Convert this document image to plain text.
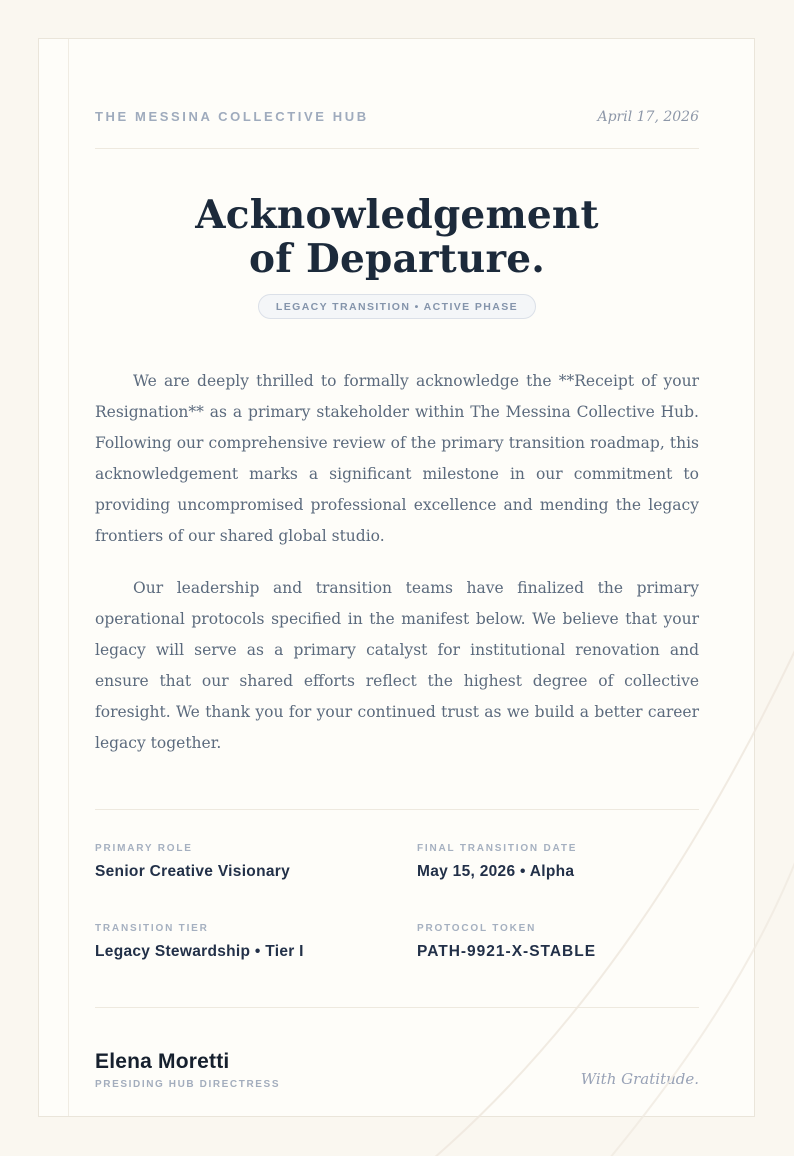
THE MESSINA COLLECTIVE HUB	April 17, 2026
Acknowledgement
of Departure.
LEGACY TRANSITION • ACTIVE PHASE

We are deeply thrilled to formally acknowledge the **Receipt of your Resignation** as a primary stakeholder within The Messina Collective Hub. Following our comprehensive review of the primary transition roadmap, this acknowledgement marks a significant milestone in our commitment to providing uncompromised professional excellence and mending the legacy frontiers of our shared global studio.

Our leadership and transition teams have finalized the primary operational protocols specified in the manifest below. We believe that your legacy will serve as a primary catalyst for institutional renovation and ensure that our shared efforts reflect the highest degree of collective foresight. We thank you for your continued trust as we build a better career legacy together.

PRIMARY ROLE
Senior Creative Visionary
FINAL TRANSITION DATE
May 15, 2026 • Alpha
TRANSITION TIER
Legacy Stewardship • Tier I
PROTOCOL TOKEN
PATH-9921-X-STABLE
Elena Moretti
PRESIDING HUB DIRECTRESS	With Gratitude.
